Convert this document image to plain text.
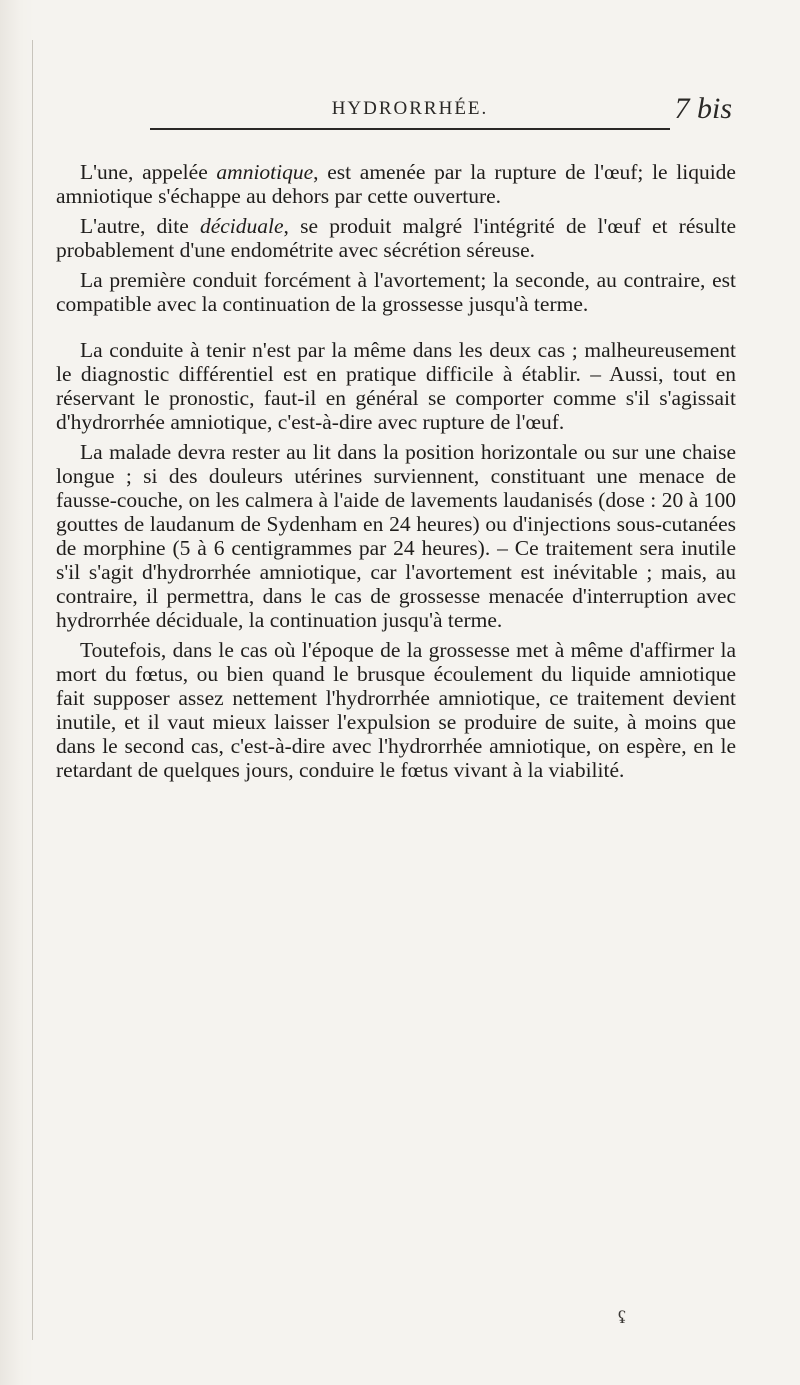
HYDRORRHÉE.	7 bis

L'une, appelée amniotique, est amenée par la rupture de l'œuf; le liquide amniotique s'échappe au dehors par cette ouverture.

L'autre, dite déciduale, se produit malgré l'intégrité de l'œuf et résulte probablement d'une endométrite avec sécrétion séreuse.

La première conduit forcément à l'avortement; la seconde, au contraire, est compatible avec la continuation de la grossesse jusqu'à terme.

La conduite à tenir n'est par la même dans les deux cas ; malheureusement le diagnostic différentiel est en pratique difficile à établir. – Aussi, tout en réservant le pronostic, faut-il en général se comporter comme s'il s'agissait d'hydrorrhée amniotique, c'est-à-dire avec rupture de l'œuf.

La malade devra rester au lit dans la position horizontale ou sur une chaise longue ; si des douleurs utérines surviennent, constituant une menace de fausse-couche, on les calmera à l'aide de lavements laudanisés (dose : 20 à 100 gouttes de laudanum de Sydenham en 24 heures) ou d'injections sous-cutanées de morphine (5 à 6 centigrammes par 24 heures). – Ce traitement sera inutile s'il s'agit d'hydrorrhée amniotique, car l'avortement est inévitable ; mais, au contraire, il permettra, dans le cas de grossesse menacée d'interruption avec hydrorrhée déciduale, la continuation jusqu'à terme.

Toutefois, dans le cas où l'époque de la grossesse met à même d'affirmer la mort du fœtus, ou bien quand le brusque écoulement du liquide amniotique fait supposer assez nettement l'hydrorrhée amniotique, ce traitement devient inutile, et il vaut mieux laisser l'expulsion se produire de suite, à moins que dans le second cas, c'est-à-dire avec l'hydrorrhée amniotique, on espère, en le retardant de quelques jours, conduire le fœtus vivant à la viabilité.

ʢ
